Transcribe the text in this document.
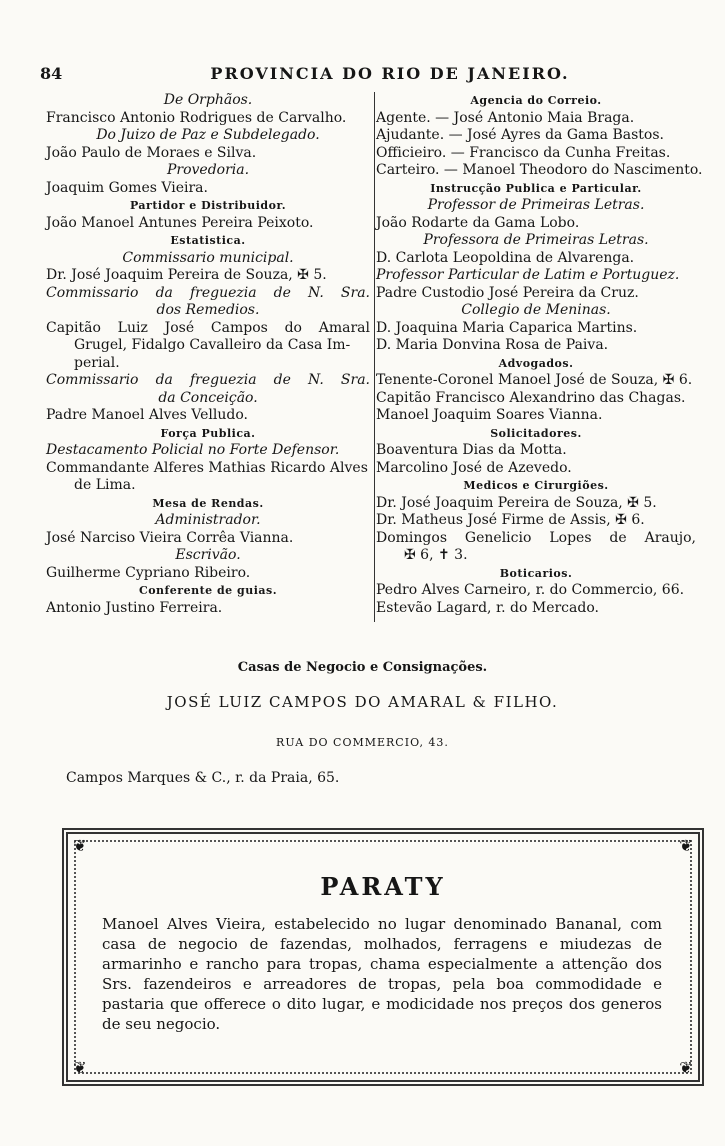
84	PROVINCIA DO RIO DE JANEIRO.
De Orphãos.
Francisco Antonio Rodrigues de Carvalho.
Do Juizo de Paz e Subdelegado.
João Paulo de Moraes e Silva.
Provedoria.
Joaquim Gomes Vieira.
Partidor e Distribuidor.
João Manoel Antunes Pereira Peixoto.
Estatistica.
Commissario municipal.
Dr. José Joaquim Pereira de Souza, ✠ 5.
Commissario da freguezia de N. Sra.
dos Remedios.
Capitão Luiz José Campos do Amaral
Grugel, Fidalgo Cavalleiro da Casa Im-
perial.
Commissario da freguezia de N. Sra.
da Conceição.
Padre Manoel Alves Velludo.
Força Publica.
Destacamento Policial no Forte Defensor.
Commandante Alferes Mathias Ricardo Alves
de Lima.
Mesa de Rendas.
Administrador.
José Narciso Vieira Corrêa Vianna.
Escrivão.
Guilherme Cypriano Ribeiro.
Conferente de guias.
Antonio Justino Ferreira.
Agencia do Correio.
Agente. — José Antonio Maia Braga.
Ajudante. — José Ayres da Gama Bastos.
Officieiro. — Francisco da Cunha Freitas.
Carteiro. — Manoel Theodoro do Nascimento.
Instrucção Publica e Particular.
Professor de Primeiras Letras.
João Rodarte da Gama Lobo.
Professora de Primeiras Letras.
D. Carlota Leopoldina de Alvarenga.
Professor Particular de Latim e Portuguez.
Padre Custodio José Pereira da Cruz.
Collegio de Meninas.
D. Joaquina Maria Caparica Martins.
D. Maria Donvina Rosa de Paiva.
Advogados.
Tenente-Coronel Manoel José de Souza, ✠ 6.
Capitão Francisco Alexandrino das Chagas.
Manoel Joaquim Soares Vianna.
Solicitadores.
Boaventura Dias da Motta.
Marcolino José de Azevedo.
Medicos e Cirurgiões.
Dr. José Joaquim Pereira de Souza, ✠ 5.
Dr. Matheus José Firme de Assis, ✠ 6.
Domingos Genelicio Lopes de Araujo,
✠ 6, ✝ 3.
Boticarios.
Pedro Alves Carneiro, r. do Commercio, 66.
Estevão Lagard, r. do Mercado.
Casas de Negocio e Consignações.
JOSÉ LUIZ CAMPOS DO AMARAL & FILHO.
RUA DO COMMERCIO, 43.
Campos Marques & C., r. da Praia, 65.
❦	❦
❦	❦
PARATY
Manoel Alves Vieira, estabelecido no lugar denominado Bananal, com casa de negocio de fazendas, molhados, ferragens e miudezas de armarinho e rancho para tropas, chama especialmente a attenção dos Srs. fazendeiros e arreadores de tropas, pela boa commodidade e pastaria que offerece o dito lugar, e modicidade nos preços dos generos de seu negocio.
